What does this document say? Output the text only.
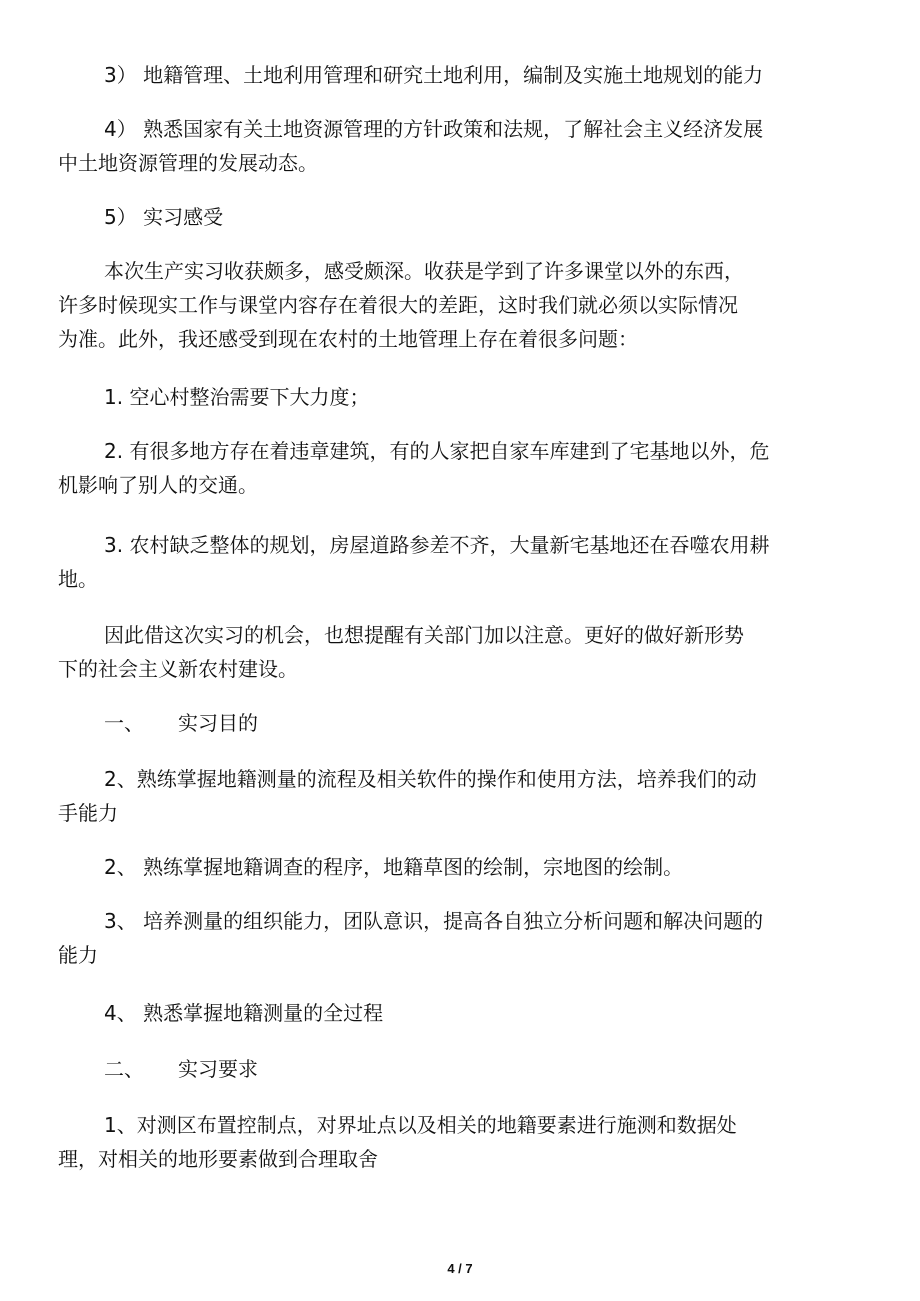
3） 地籍管理、土地利用管理和研究土地利用，编制及实施土地规划的能力

4） 熟悉国家有关土地资源管理的方针政策和法规，了解社会主义经济发展
中土地资源管理的发展动态。

5） 实习感受

本次生产实习收获颇多，感受颇深。收获是学到了许多课堂以外的东西，
许多时候现实工作与课堂内容存在着很大的差距，这时我们就必须以实际情况
为准。此外，我还感受到现在农村的土地管理上存在着很多问题：

1. 空心村整治需要下大力度；

2. 有很多地方存在着违章建筑，有的人家把自家车库建到了宅基地以外，危
机影响了别人的交通。

3. 农村缺乏整体的规划，房屋道路参差不齐，大量新宅基地还在吞噬农用耕
地。

因此借这次实习的机会，也想提醒有关部门加以注意。更好的做好新形势
下的社会主义新农村建设。

一、 实习目的

2、熟练掌握地籍测量的流程及相关软件的操作和使用方法，培养我们的动
手能力

2、 熟练掌握地籍调查的程序，地籍草图的绘制，宗地图的绘制。

3、 培养测量的组织能力，团队意识，提高各自独立分析问题和解决问题的
能力

4、 熟悉掌握地籍测量的全过程

二、 实习要求

1、对测区布置控制点，对界址点以及相关的地籍要素进行施测和数据处
理，对相关的地形要素做到合理取舍

4 / 7
